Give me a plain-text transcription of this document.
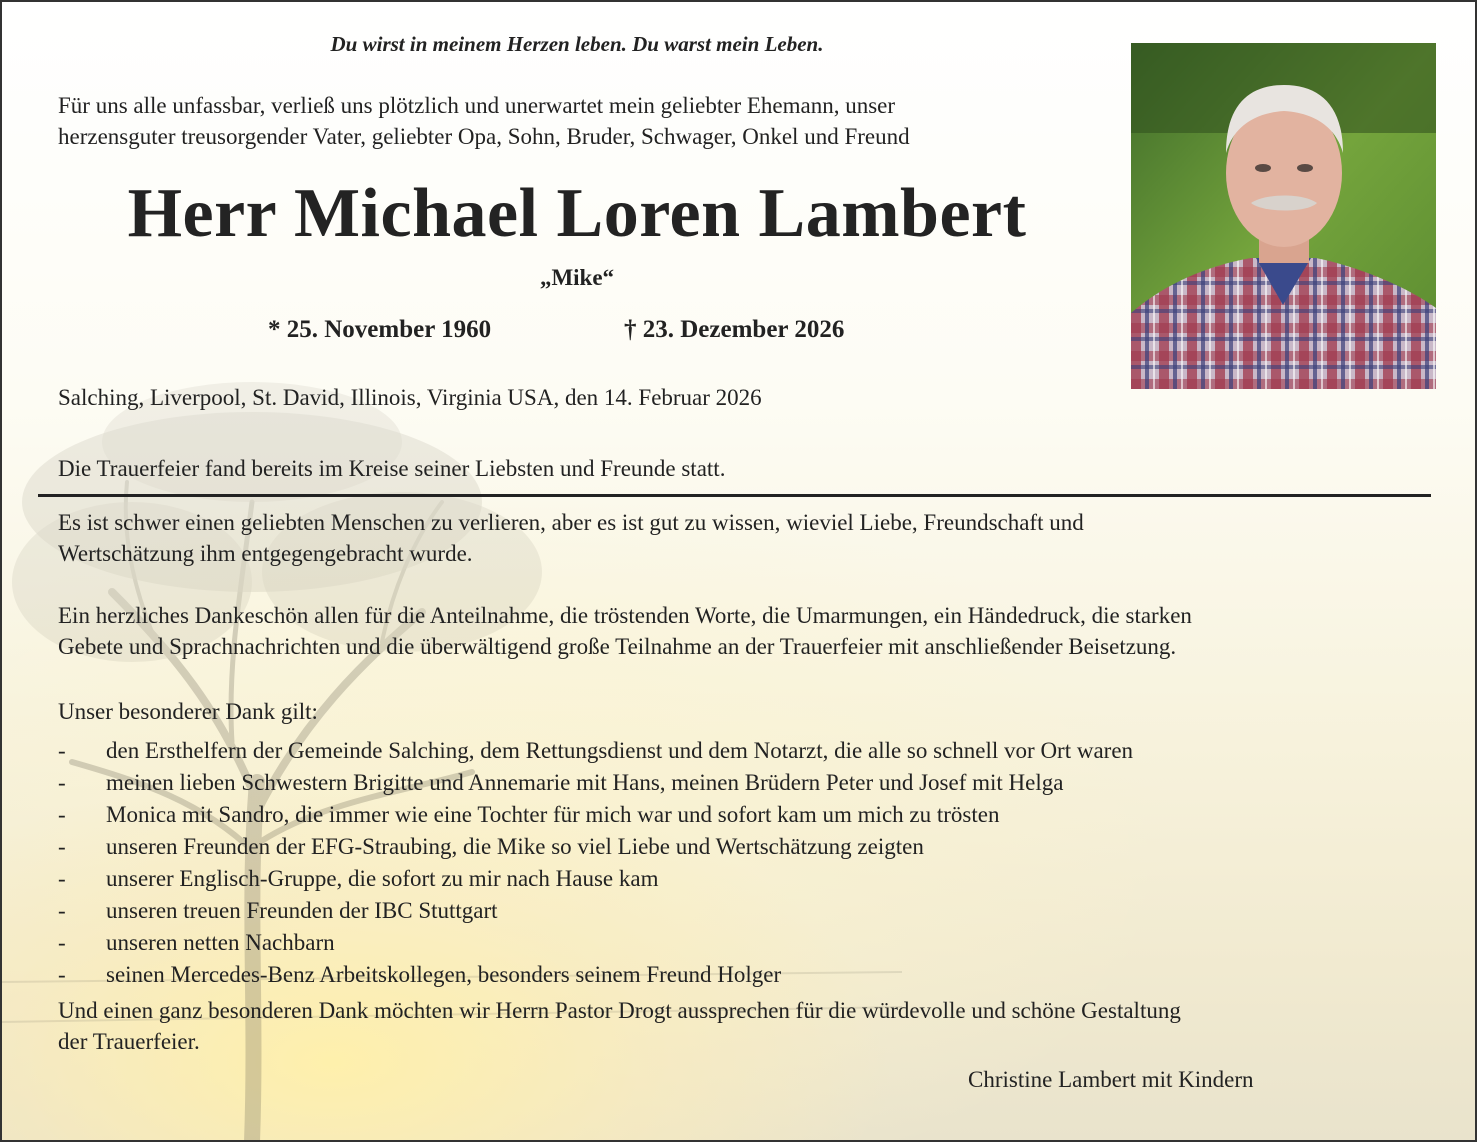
Du wirst in meinem Herzen leben. Du warst mein Leben.
Für uns alle unfassbar, verließ uns plötzlich und unerwartet mein geliebter Ehemann, unser
herzensguter treusorgender Vater, geliebter Opa, Sohn, Bruder, Schwager, Onkel und Freund
Herr Michael Loren Lambert
„Mike“
* 25. November 1960	† 23. Dezember 2026
Salching, Liverpool, St. David, Illinois, Virginia USA, den 14. Februar 2026
Die Trauerfeier fand bereits im Kreise seiner Liebsten und Freunde statt.
Es ist schwer einen geliebten Menschen zu verlieren, aber es ist gut zu wissen, wieviel Liebe, Freundschaft und
Wertschätzung ihm entgegengebracht wurde.
Ein herzliches Dankeschön allen für die Anteilnahme, die tröstenden Worte, die Umarmungen, ein Händedruck, die starken
Gebete und Sprachnachrichten und die überwältigend große Teilnahme an der Trauerfeier mit anschließender Beisetzung.
Unser besonderer Dank gilt:
-	den Ersthelfern der Gemeinde Salching, dem Rettungsdienst und dem Notarzt, die alle so schnell vor Ort waren
-	meinen lieben Schwestern Brigitte und Annemarie mit Hans, meinen Brüdern Peter und Josef mit Helga
-	Monica mit Sandro, die immer wie eine Tochter für mich war und sofort kam um mich zu trösten
-	unseren Freunden der EFG-Straubing, die Mike so viel Liebe und Wertschätzung zeigten
-	unserer Englisch-Gruppe, die sofort zu mir nach Hause kam
-	unseren treuen Freunden der IBC Stuttgart
-	unseren netten Nachbarn
-	seinen Mercedes-Benz Arbeitskollegen, besonders seinem Freund Holger
Und einen ganz besonderen Dank möchten wir Herrn Pastor Drogt aussprechen für die würdevolle und schöne Gestaltung
der Trauerfeier.
Christine Lambert mit Kindern
